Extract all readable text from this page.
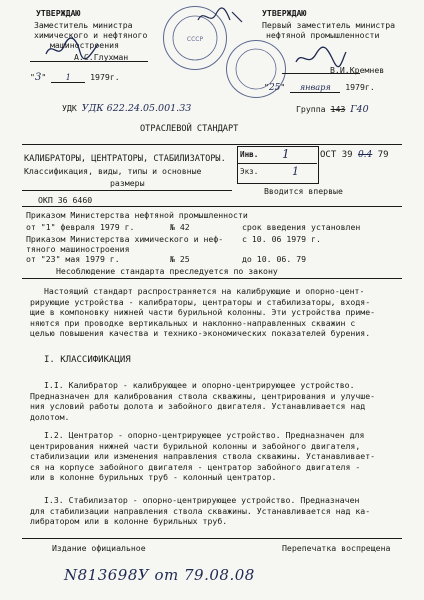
УТВЕРЖДАЮ
Заместитель министра
химического и нефтяного
машиностроения
А.С.Глухман
"3" 1 1979г.
СССР
УТВЕРЖДАЮ
Первый заместитель министра
нефтяной промышленности
В.И.Кремнев
"25" января 1979г.
УДК УДК 622.24.05.001.33	Группа 143 Г40
ОТРАСЛЕВОЙ СТАНДАРТ
КАЛИБРАТОРЫ, ЦЕНТРАТОРЫ, СТАБИЛИЗАТОРЫ.
Классификация, виды, типы и основные
размеры
Инв. 1
Экз.	1
ОСТ 39 0.4 79
ОКП 36 6460
Вводится впервые
Приказом Министерства нефтяной промышленности
от "1" февраля 1979 г.	№ 42	срок введения установлен
Приказом Министерства химического и неф- с 10. 06 1979 г.
тяного машиностроения
от "23" мая 1979 г.	№ 25	до 10. 06. 79
Несоблюдение стандарта преследуется по закону
Настоящий стандарт распространяется на калибрующие и опорно-цент-
рирующие устройства - калибраторы, центраторы и стабилизаторы, входя-
щие в компоновку нижней части бурильной колонны. Эти устройства приме-
няются при проводке вертикальных и наклонно-направленных скважин с
целью повышения качества и технико-экономических показателей бурения.
I. КЛАССИФИКАЦИЯ
I.I. Калибратор - калибрующее и опорно-центрирующее устройство.
Предназначен для калибрования ствола скважины, центрирования и улучше-
ния условий работы долота и забойного двигателя. Устанавливается над
долотом.
I.2. Центратор - опорно-центрирующее устройство. Предназначен для
центрирования нижней части бурильной колонны и забойного двигателя,
стабилизации или изменения направления ствола скважины. Устанавливает-
ся на корпусе забойного двигателя - центратор забойного двигателя -
или в колонне бурильных труб - колонный центратор.
I.3. Стабилизатор - опорно-центрирующее устройство. Предназначен
для стабилизации направления ствола скважины. Устанавливается над ка-
либратором или в колонне бурильных труб.
Издание официальное	Перепечатка воспрещена
N813698У от 79.08.08
